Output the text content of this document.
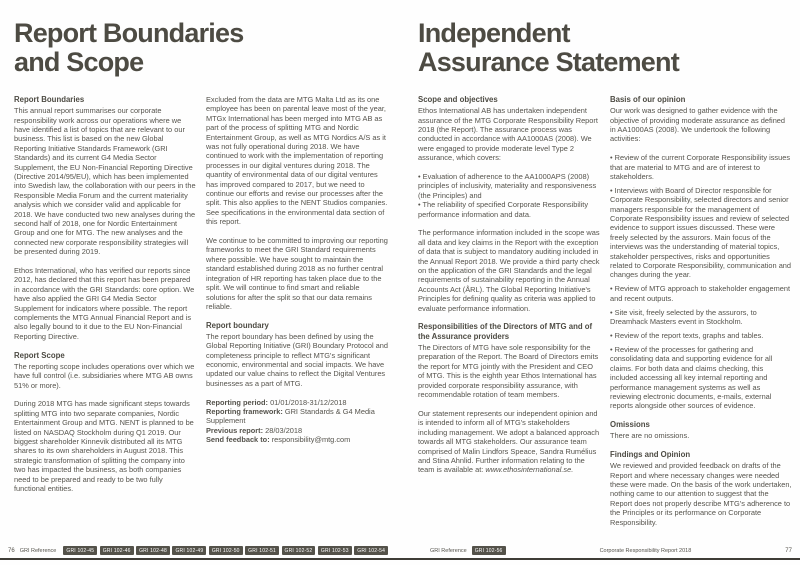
Report Boundaries
and Scope

Report Boundaries

This annual report summarises our corporate responsibility work across our operations where we have identified a list of topics that are relevant to our business. This list is based on the new Global Reporting Initiative Standards Framework (GRI Standards) and its current G4 Media Sector Supplement, the EU Non-Financial Reporting Directive (Directive 2014/95/EU), which has been implemented into Swedish law, the collaboration with our peers in the Responsible Media Forum and the current materiality analysis which we consider valid and applicable for 2018. We have conducted two new analyses during the second half of 2018, one for Nordic Entertainment Group and one for MTG. The new analyses and the connected new corporate responsibility strategies will be presented during 2019.

Ethos International, who has verified our reports since 2012, has declared that this report has been prepared in accordance with the GRI Standards: core option. We have also applied the GRI G4 Media Sector Supplement for indicators where possible. The report complements the MTG Annual Financial Report and is also legally bound to it due to the EU Non-Financial Reporting Directive.

Report Scope

The reporting scope includes operations over which we have full control (i.e. subsidiaries where MTG AB owns 51% or more).

During 2018 MTG has made significant steps towards splitting MTG into two separate companies, Nordic Entertainment Group and MTG. NENT is planned to be listed on NASDAQ Stockholm during Q1 2019. Our biggest shareholder Kinnevik distributed all its MTG shares to its own shareholders in August 2018. This strategic transformation of splitting the company into two has impacted the business, as both companies need to be prepared and ready to be two fully functional entities.

Excluded from the data are MTG Malta Ltd as its one employee has been on parental leave most of the year, MTGx International has been merged into MTG AB as part of the process of splitting MTG and Nordic Entertainment Group, as well as MTG Nordics A/S as it was not fully operational during 2018. We have continued to work with the implementation of reporting processes in our digital ventures during 2018. The quantity of environmental data of our digital ventures has improved compared to 2017, but we need to continue our efforts and revise our processes after the split. This also applies to the NENT Studios companies. See specifications in the environmental data section of this report.

We continue to be committed to improving our reporting frameworks to meet the GRI Standard requirements where possible. We have sought to maintain the standard established during 2018 as no further central integration of HR reporting has taken place due to the split. We will continue to find smart and reliable solutions for after the split so that our data remains reliable.

Report boundary

The report boundary has been defined by using the Global Reporting Initiative (GRI) Boundary Protocol and completeness principle to reflect MTG's significant economic, environmental and social impacts. We have updated our value chains to reflect the Digital Ventures businesses as a part of MTG.

Reporting period: 01/01/2018-31/12/2018

Reporting framework: GRI Standards & G4 Media Supplement

Previous report: 28/03/2018

Send feedback to: responsibility@mtg.com

76 GRI Reference	GRI 102-45	GRI 102-46	GRI 102-48	GRI 102-49	GRI 102-50	GRI 102-51	GRI 102-52	GRI 102-53	GRI 102-54
Independent
Assurance Statement

Scope and objectives

Ethos International AB has undertaken independent assurance of the MTG Corporate Responsibility Report 2018 (the Report). The assurance process was conducted in accordance with AA1000AS (2008). We were engaged to provide moderate level Type 2 assurance, which covers:

• Evaluation of adherence to the AA1000APS (2008) principles of inclusivity, materiality and responsiveness (the Principles) and

• The reliability of specified Corporate Responsibility performance information and data.

The performance information included in the scope was all data and key claims in the Report with the exception of data that is subject to mandatory auditing included in the Annual Report 2018. We provide a third party check on the application of the GRI Standards and the legal requirements of sustainability reporting in the Annual Accounts Act (ÅRL). The Global Reporting Initiative's Principles for defining quality as criteria was applied to evaluate performance information.

Responsibilities of the Directors of MTG and of the Assurance providers

The Directors of MTG have sole responsibility for the preparation of the Report. The Board of Directors emits the report for MTG jointly with the President and CEO of MTG. This is the eighth year Ethos International has provided corporate responsibility assurance, with recommendable rotation of team members.

Our statement represents our independent opinion and is intended to inform all of MTG's stakeholders including management. We adopt a balanced approach towards all MTG stakeholders. Our assurance team comprised of Malin Lindfors Speace, Sandra Rumélius and Stina Ahnlid. Further information relating to the team is available at: www.ethosinternational.se.

Basis of our opinion

Our work was designed to gather evidence with the objective of providing moderate assurance as defined in AA1000AS (2008). We undertook the following activities:

• Review of the current Corporate Responsibility issues that are material to MTG and are of interest to stakeholders.

• Interviews with Board of Director responsible for Corporate Responsibility, selected directors and senior managers responsible for the management of Corporate Responsibility issues and review of selected evidence to support issues discussed. These were freely selected by the assurors. Main focus of the interviews was the understanding of material topics, stakeholder perspectives, risks and opportunities related to Corporate Responsibility, communication and changes during the year.

• Review of MTG approach to stakeholder engagement and recent outputs.

• Site visit, freely selected by the assurors, to Dreamhack Masters event in Stockholm.

• Review of the report texts, graphs and tables.

• Review of the processes for gathering and consolidating data and supporting evidence for all claims. For both data and claims checking, this included accessing all key internal reporting and performance management systems as well as reviewing electronic documents, e-mails, external reports alongside other sources of evidence.

Omissions

There are no omissions.

Findings and Opinion

We reviewed and provided feedback on drafts of the Report and where necessary changes were needed these were made. On the basis of the work undertaken, nothing came to our attention to suggest that the Report does not properly describe MTG's adherence to the Principles or its performance on Corporate Responsibility.

GRI Reference	GRI 102-56	Corporate Responsibility Report 2018	77
